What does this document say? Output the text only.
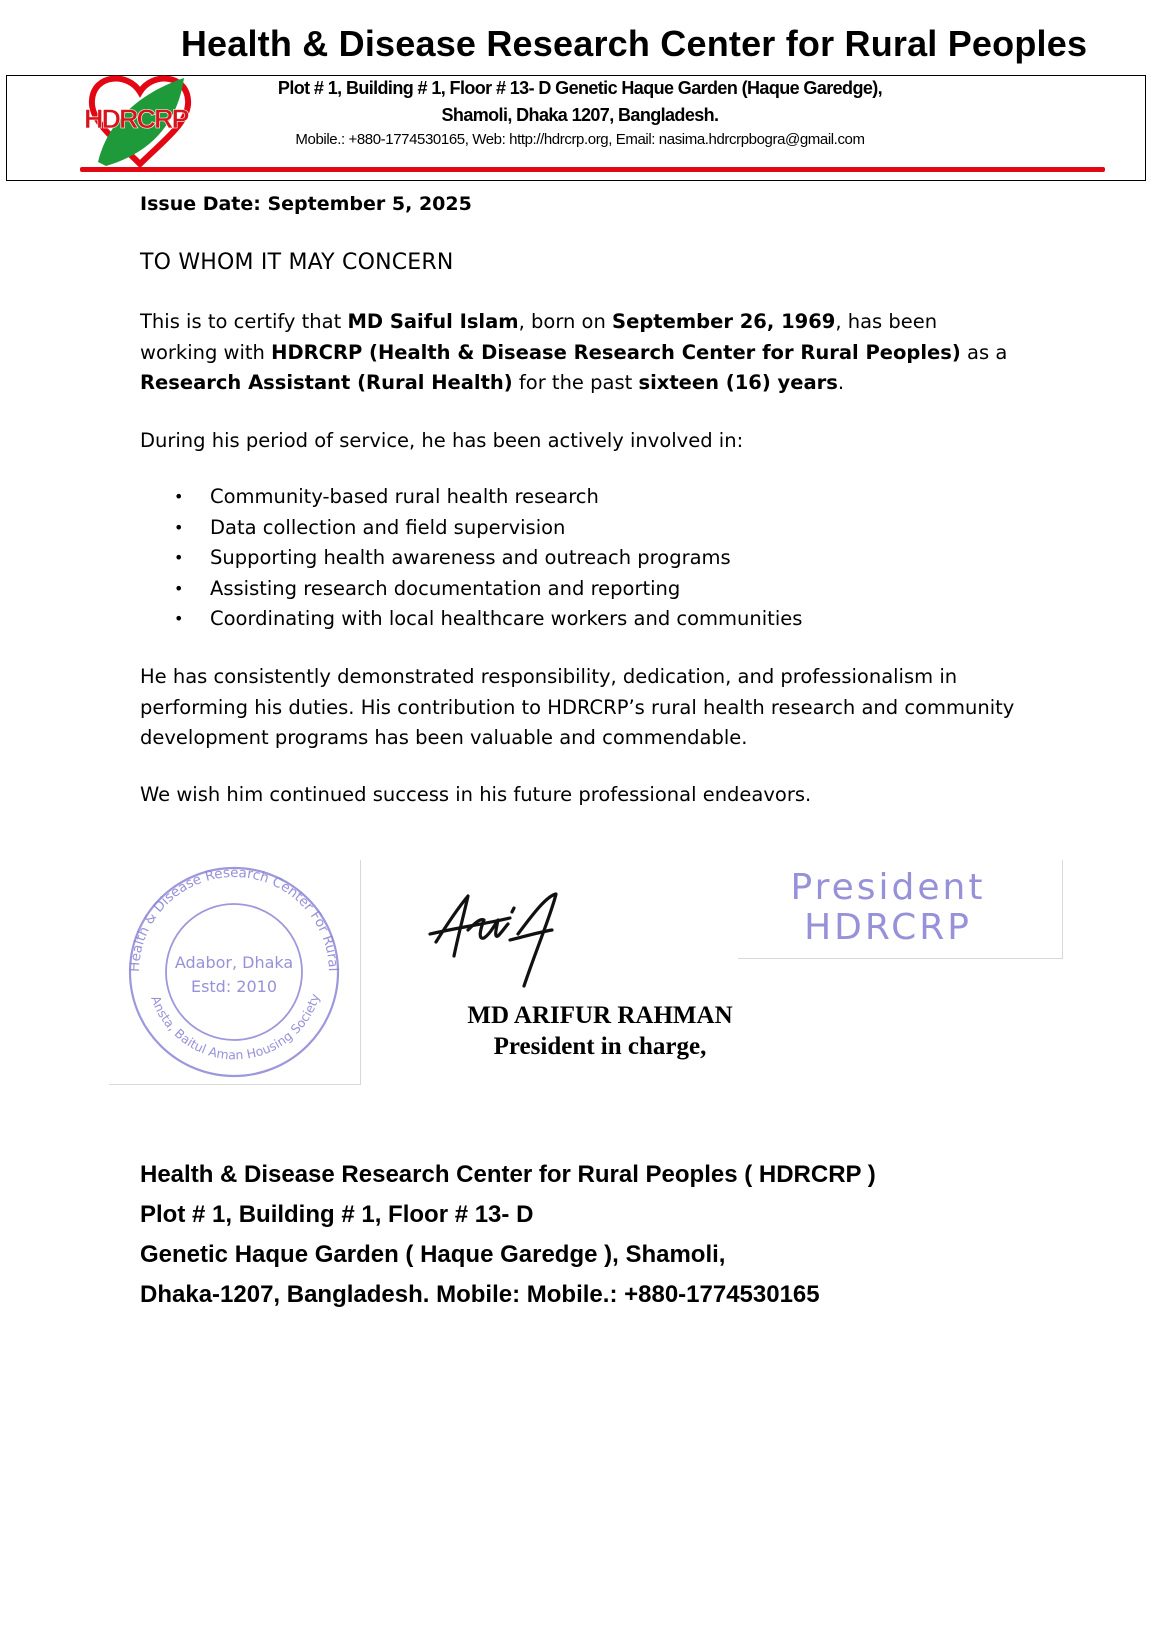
Health & Disease Research Center for Rural Peoples
HDRCRP
Plot # 1, Building # 1, Floor # 13- D Genetic Haque Garden (Haque Garedge),
Shamoli, Dhaka 1207, Bangladesh.
Mobile.: +880-1774530165, Web: http://hdrcrp.org, Email: nasima.hdrcrpbogra@gmail.com
Issue Date: September 5, 2025
TO WHOM IT MAY CONCERN
This is to certify that MD Saiful Islam, born on September 26, 1969, has been working with HDRCRP (Health & Disease Research Center for Rural Peoples) as a Research Assistant (Rural Health) for the past sixteen (16) years.
During his period of service, he has been actively involved in:
• Community-based rural health research
• Data collection and field supervision
• Supporting health awareness and outreach programs
• Assisting research documentation and reporting
• Coordinating with local healthcare workers and communities
He has consistently demonstrated responsibility, dedication, and professionalism in performing his duties. His contribution to HDRCRP’s rural health research and community development programs has been valuable and commendable.
We wish him continued success in his future professional endeavors.
Health & Disease Research Center For Rural
Ansta, Baitul Aman Housing Society
Adabor, Dhaka
Estd: 2010
President
HDRCRP
MD ARIFUR RAHMAN
President in charge,
Health & Disease Research Center for Rural Peoples ( HDRCRP )
Plot # 1, Building # 1, Floor # 13- D
Genetic Haque Garden ( Haque Garedge ), Shamoli,
Dhaka-1207, Bangladesh. Mobile: Mobile.: +880-1774530165
